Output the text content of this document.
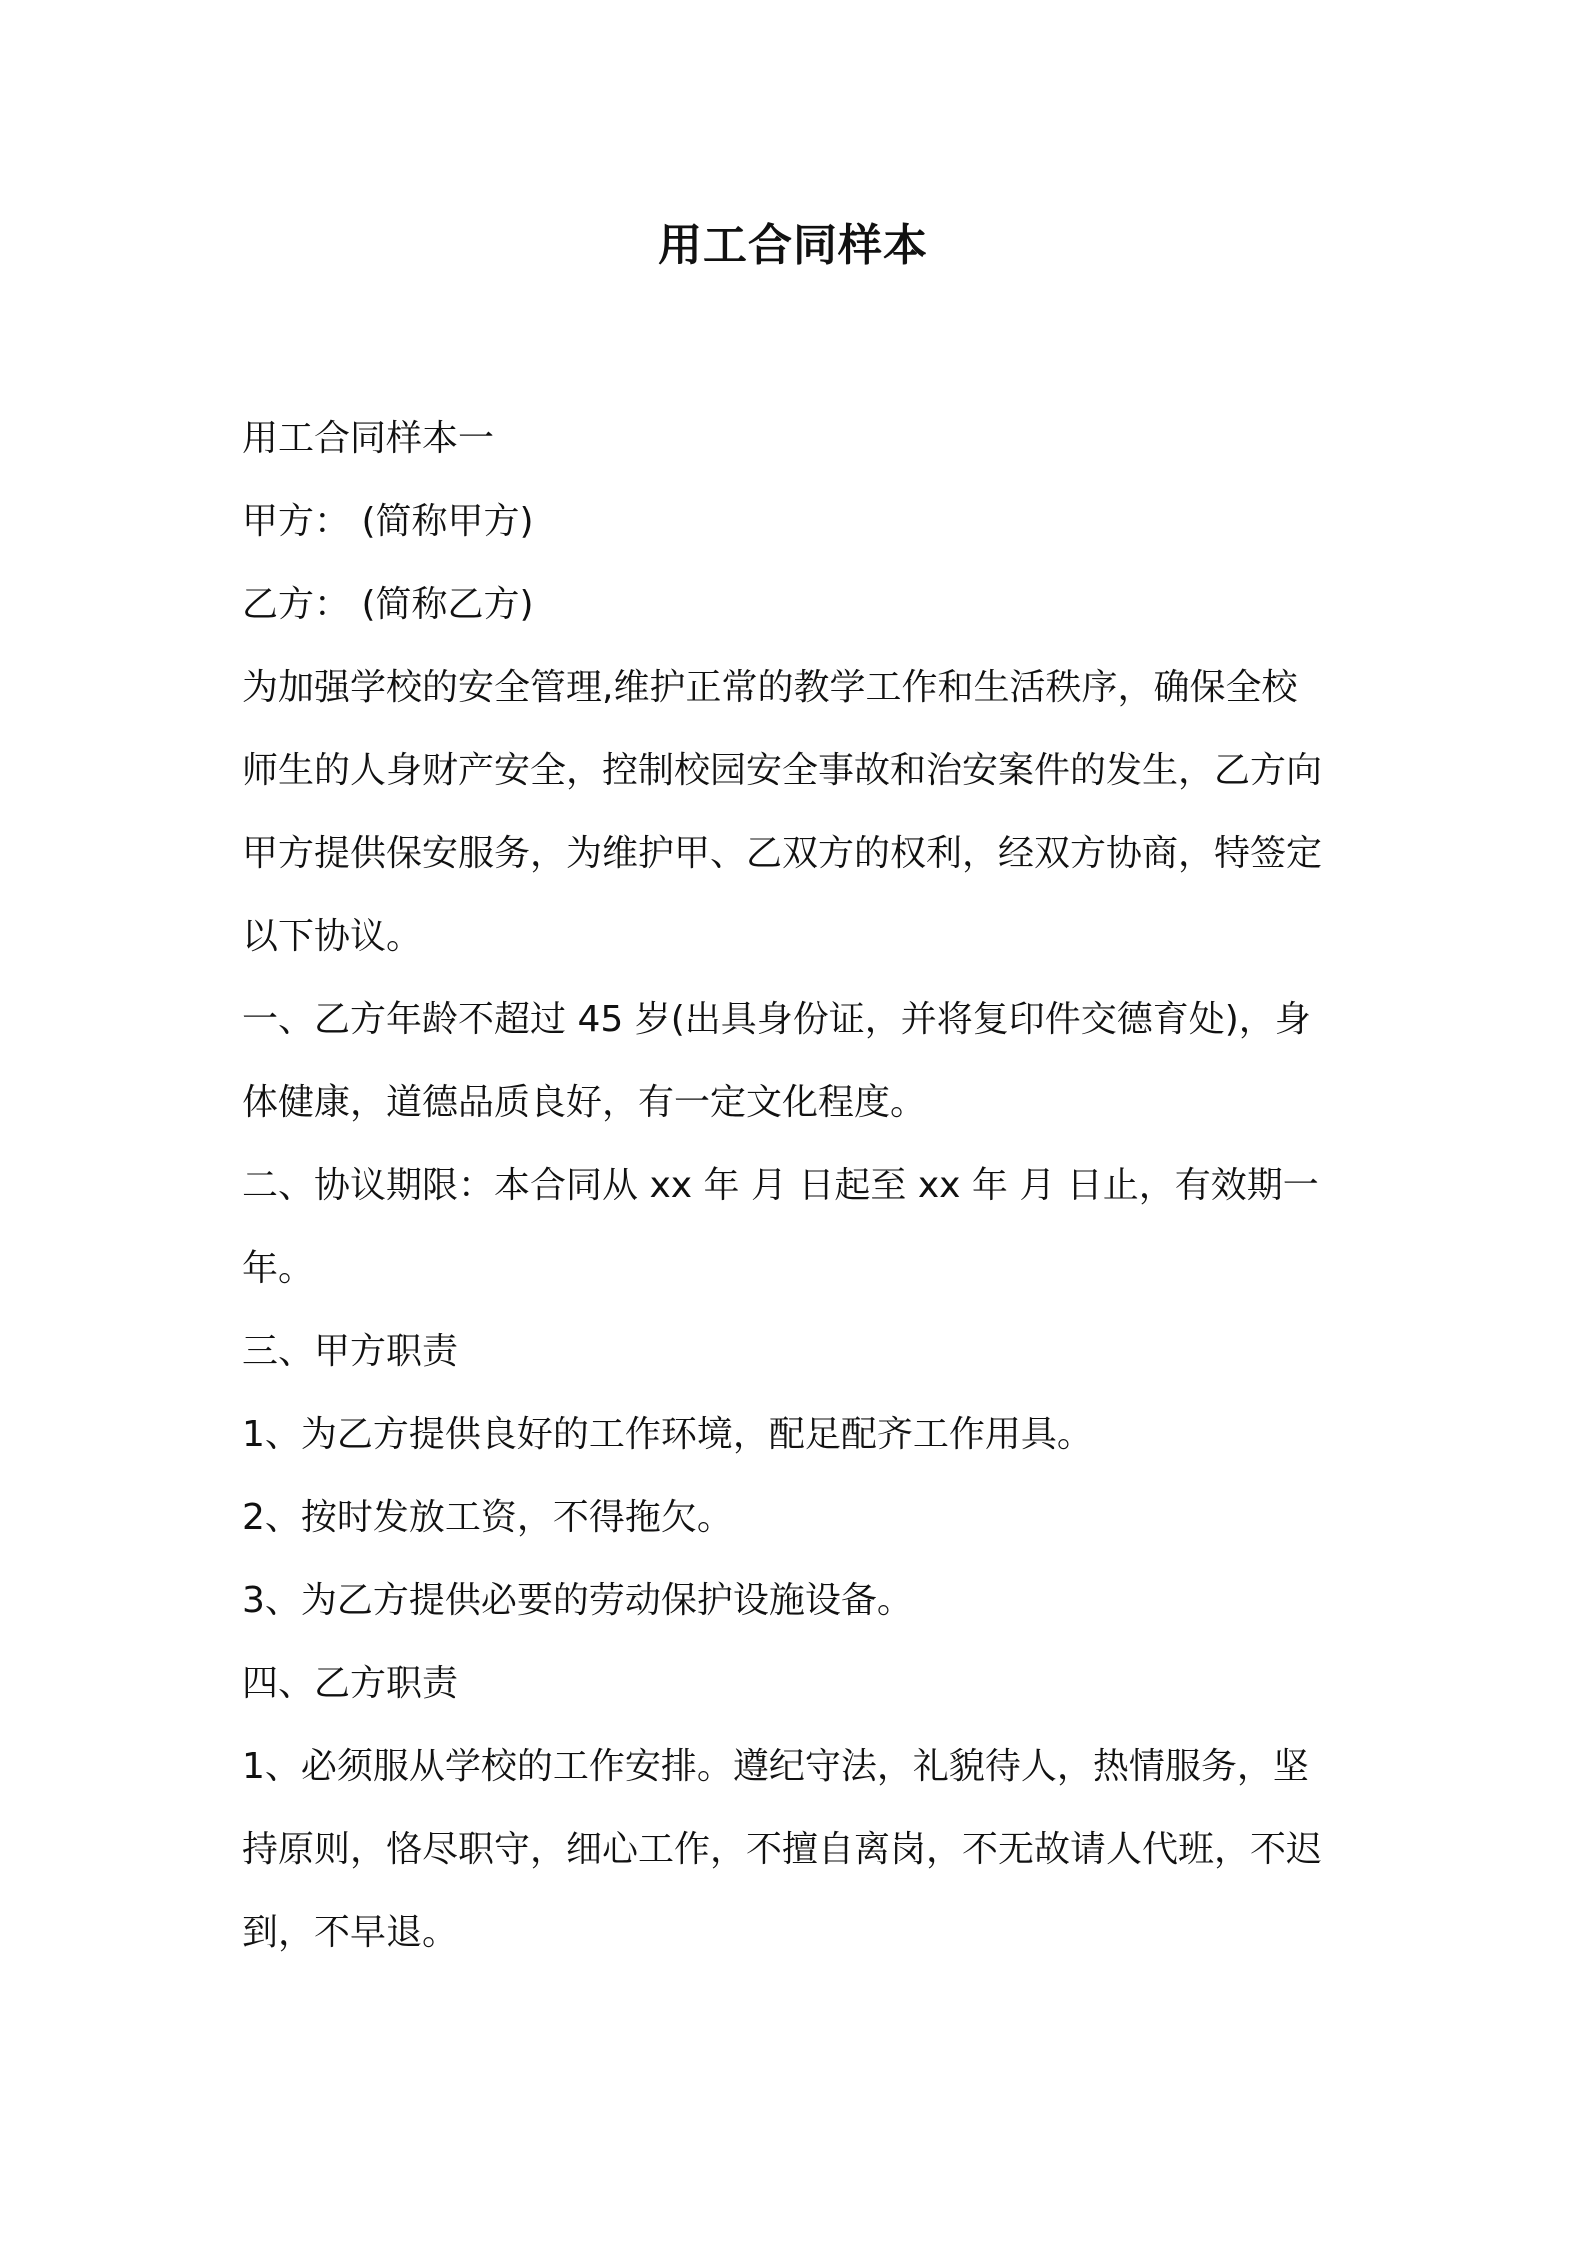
用工合同样本

用工合同样本一

甲方： (简称甲方)

乙方： (简称乙方)

为加强学校的安全管理,维护正常的教学工作和生活秩序，确保全校

师生的人身财产安全，控制校园安全事故和治安案件的发生，乙方向

甲方提供保安服务，为维护甲、乙双方的权利，经双方协商，特签定

以下协议。

一、乙方年龄不超过 45 岁(出具身份证，并将复印件交德育处)，身

体健康，道德品质良好，有一定文化程度。

二、协议期限：本合同从 xx 年 月 日起至 xx 年 月 日止，有效期一

年。

三、甲方职责

1、为乙方提供良好的工作环境，配足配齐工作用具。

2、按时发放工资，不得拖欠。

3、为乙方提供必要的劳动保护设施设备。

四、乙方职责

1、必须服从学校的工作安排。遵纪守法，礼貌待人，热情服务，坚

持原则，恪尽职守，细心工作，不擅自离岗，不无故请人代班，不迟

到，不早退。
